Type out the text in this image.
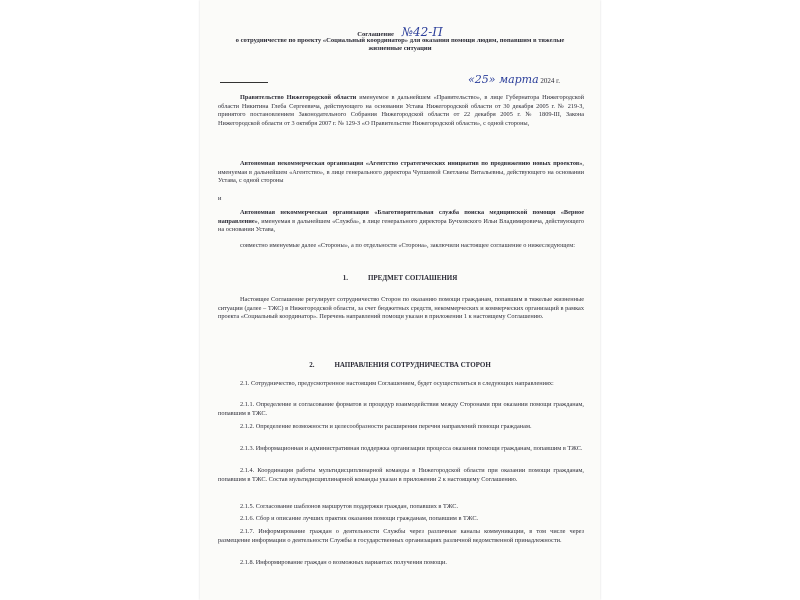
Соглашение №42-П
о сотрудничестве по проекту «Социальный координатор» для оказания помощи людям, попавшим в тяжелые жизненные ситуации
«25» марта 2024 г.
Правительство Нижегородской области именуемое в дальнейшем «Правительство», в лице Губернатора Нижегородской области Никитина Глеба Сергеевича, действующего на основании Устава Нижегородской области от 30 декабря 2005 г. № 219-З, принятого постановлением Законодательного Собрания Нижегородской области от 22 декабря 2005 г. № 1809-III, Закона Нижегородской области от 3 октября 2007 г. № 129-З «О Правительстве Нижегородской области», с одной стороны,
Автономная некоммерческая организация «Агентство стратегических инициатив по продвижению новых проектов», именуемая в дальнейшем «Агентство», в лице генерального директора Чупшевой Светланы Витальевны, действующего на основании Устава, с одной стороны
и
Автономная некоммерческая организация «Благотворительная служба поиска медицинской помощи «Верное направление», именуемая в дальнейшем «Служба», в лице генерального директора Бучховского Ильи Владимировича, действующего на основании Устава,
совместно именуемые далее «Стороны», а по отдельности «Сторона», заключили настоящее соглашение о нижеследующем:
1.	ПРЕДМЕТ СОГЛАШЕНИЯ
Настоящее Соглашение регулирует сотрудничество Сторон по оказанию помощи гражданам, попавшим в тяжелые жизненные ситуации (далее – ТЖС) в Нижегородской области, за счет бюджетных средств, некоммерческих и коммерческих организаций в рамках проекта «Социальный координатор». Перечень направлений помощи указан в приложении 1 к настоящему Соглашению.
2.	НАПРАВЛЕНИЯ СОТРУДНИЧЕСТВА СТОРОН
2.1. Сотрудничество, предусмотренное настоящим Соглашением, будет осуществляться в следующих направлениях:
2.1.1. Определение и согласование форматов и процедур взаимодействия между Сторонами при оказании помощи гражданам, попавшим в ТЖС.
2.1.2. Определение возможности и целесообразности расширения перечня направлений помощи гражданам.
2.1.3. Информационная и административная поддержка организации процесса оказания помощи гражданам, попавшим в ТЖС.
2.1.4. Координация работы мультидисциплинарной команды в Нижегородской области при оказании помощи гражданам, попавшим в ТЖС. Состав мультидисциплинарной команды указан в приложении 2 к настоящему Соглашению.
2.1.5. Согласование шаблонов маршрутов поддержки граждан, попавших в ТЖС.
2.1.6. Сбор и описание лучших практик оказания помощи гражданам, попавшим в ТЖС.
2.1.7. Информирование граждан о деятельности Службы через различные каналы коммуникации, в том числе через размещение информации о деятельности Службы в государственных организациях различной ведомственной принадлежности.
2.1.8. Информирование граждан о возможных вариантах получения помощи.
